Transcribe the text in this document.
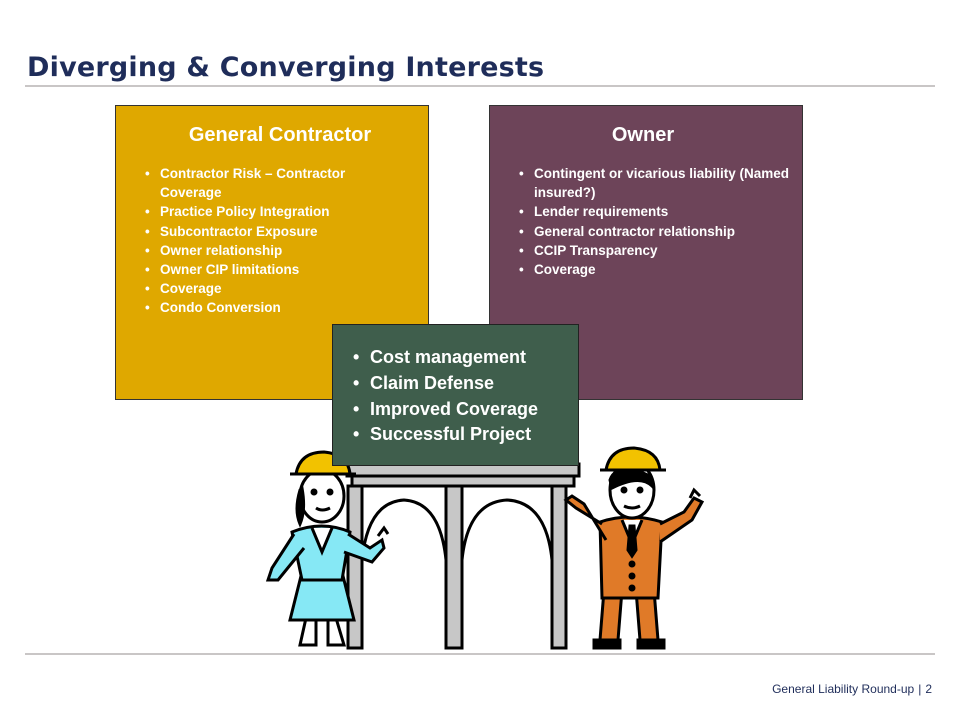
Diverging & Converging Interests
General Contractor
• Contractor Risk – Contractor Coverage
• Practice Policy Integration
• Subcontractor Exposure
• Owner relationship
• Owner CIP limitations
• Coverage
• Condo Conversion
Owner
• Contingent or vicarious liability (Named insured?)
• Lender requirements
• General contractor relationship
• CCIP Transparency
• Coverage
• Cost management
• Claim Defense
• Improved Coverage
• Successful Project
General Liability Round-up | 2
